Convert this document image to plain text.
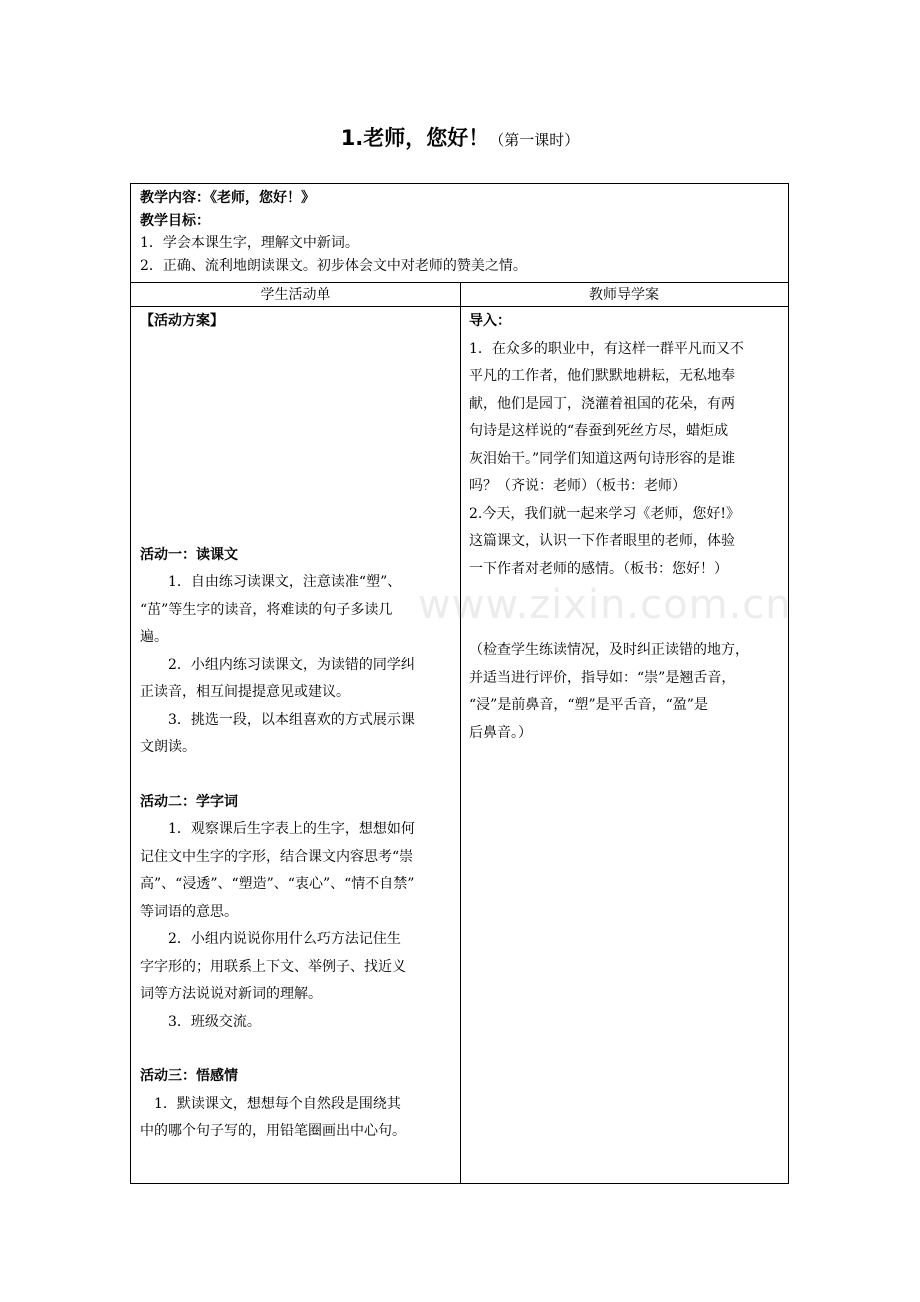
1.老师，您好！（第一课时）
教学内容：《老师，您好！》
教学目标：
1．学会本课生字，理解文中新词。
2．正确、流利地朗读课文。初步体会文中对老师的赞美之情。
学生活动单	教师导学案
【活动方案】
活动一：读课文
　　1．自由练习读课文，注意读准“塑”、
“茁”等生字的读音，将难读的句子多读几
遍。
　　2．小组内练习读课文，为读错的同学纠
正读音，相互间提提意见或建议。
　　3．挑选一段，以本组喜欢的方式展示课
文朗读。
活动二：学字词
　　1．观察课后生字表上的生字，想想如何
记住文中生字的字形，结合课文内容思考“崇
高”、“浸透”、“塑造”、“衷心”、“情不自禁”
等词语的意思。
　　2．小组内说说你用什么巧方法记住生
字字形的；用联系上下文、举例子、找近义
词等方法说说对新词的理解。
　　3．班级交流。
活动三：悟感情
　1．默读课文，想想每个自然段是围绕其
中的哪个句子写的，用铅笔圈画出中心句。
导入：
1．在众多的职业中，有这样一群平凡而又不
平凡的工作者，他们默默地耕耘，无私地奉
献，他们是园丁，浇灌着祖国的花朵，有两
句诗是这样说的“春蚕到死丝方尽，蜡炬成
灰泪始干。”同学们知道这两句诗形容的是谁
吗？（齐说：老师）（板书：老师）
2.今天，我们就一起来学习《老师，您好!》
这篇课文，认识一下作者眼里的老师，体验
一下作者对老师的感情。（板书：您好！）
（检查学生练读情况，及时纠正读错的地方，
并适当进行评价，指导如：“崇”是翘舌音，
“浸”是前鼻音，“塑”是平舌音，“盈”是
后鼻音。）
www.zixin.com.cn
